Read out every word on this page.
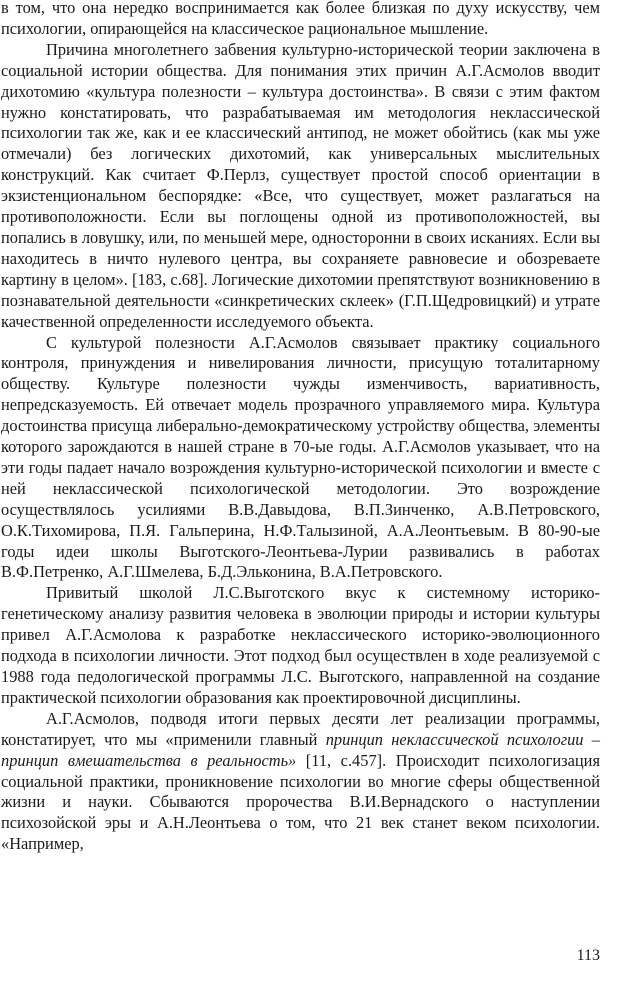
в том, что она нередко воспринимается как более близкая по духу искусству, чем психологии, опирающейся на классическое рациональное мышление.

Причина многолетнего забвения культурно-исторической теории заключена в социальной истории общества. Для понимания этих причин А.Г.Асмолов вводит дихотомию «культура полезности – культура достоинства». В связи с этим фактом нужно констатировать, что разрабатываемая им методология неклассической психологии так же, как и ее классический антипод, не может обойтись (как мы уже отмечали) без логических дихотомий, как универсальных мыслительных конструкций. Как считает Ф.Перлз, существует простой способ ориентации в экзистенциональном беспорядке: «Все, что существует, может разлагаться на противоположности. Если вы поглощены одной из противоположностей, вы попались в ловушку, или, по меньшей мере, односторонни в своих исканиях. Если вы находитесь в ничто нулевого центра, вы сохраняете равновесие и обозреваете картину в целом». [183, с.68]. Логические дихотомии препятствуют возникновению в познавательной деятельности «синкретических склеек» (Г.П.Щедровицкий) и утрате качественной определенности исследуемого объекта.

С культурой полезности А.Г.Асмолов связывает практику социального контроля, принуждения и нивелирования личности, присущую тоталитарному обществу. Культуре полезности чужды изменчивость, вариативность, непредсказуемость. Ей отвечает модель прозрачного управляемого мира. Культура достоинства присуща либерально-демократическому устройству общества, элементы которого зарождаются в нашей стране в 70-ые годы. А.Г.Асмолов указывает, что на эти годы падает начало возрождения культурно-исторической психологии и вместе с ней неклассической психологической методологии. Это возрождение осуществлялось усилиями В.В.Давыдова, В.П.Зинченко, А.В.Петровского, О.К.Тихомирова, П.Я. Гальперина, Н.Ф.Талызиной, А.А.Леонтьевым. В 80-90-ые годы идеи школы Выготского-Леонтьева-Лурии развивались в работах В.Ф.Петренко, А.Г.Шмелева, Б.Д.Эльконина, В.А.Петровского.

Привитый школой Л.С.Выготского вкус к системному историко-генетическому анализу развития человека в эволюции природы и истории культуры привел А.Г.Асмолова к разработке неклассического историко-эволюционного подхода в психологии личности. Этот подход был осуществлен в ходе реализуемой с 1988 года педологической программы Л.С. Выготского, направленной на создание практической психологии образования как проектировочной дисциплины.

А.Г.Асмолов, подводя итоги первых десяти лет реализации программы, констатирует, что мы «применили главный принцип неклассической психологии – принцип вмешательства в реальность» [11, с.457]. Происходит психологизация социальной практики, проникновение психологии во многие сферы общественной жизни и науки. Сбываются пророчества В.И.Вернадского о наступлении психозойской эры и А.Н.Леонтьева о том, что 21 век станет веком психологии. «Например,

113
